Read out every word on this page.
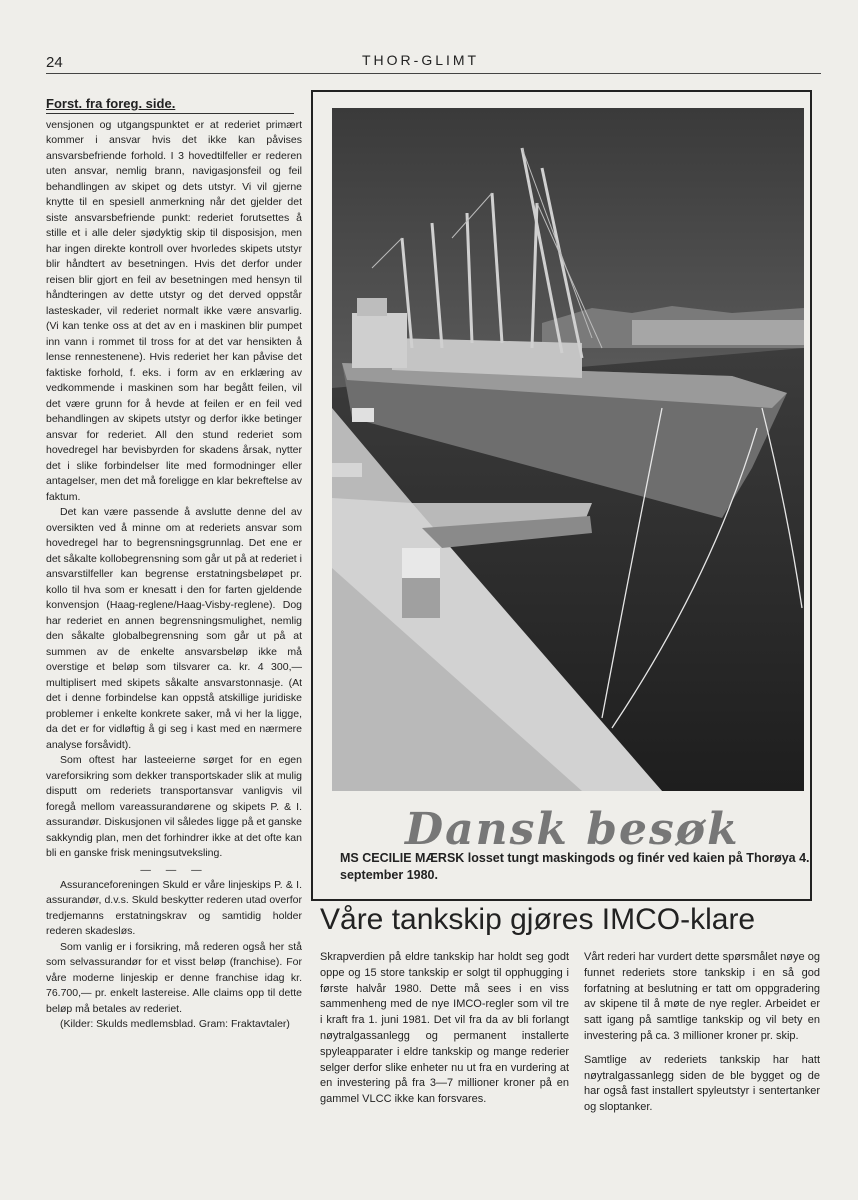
24	THOR-GLIMT
Forst. fra foreg. side.

vensjonen og utgangspunktet er at rederiet primært kommer i ansvar hvis det ikke kan påvises ansvarsbefriende forhold. I 3 hovedtilfeller er rederen uten ansvar, nemlig brann, navigasjonsfeil og feil behandlingen av skipet og dets utstyr. Vi vil gjerne knytte til en spesiell anmerkning når det gjelder det siste ansvarsbefriende punkt: rederiet forutsettes å stille et i alle deler sjødyktig skip til disposisjon, men har ingen direkte kontroll over hvorledes skipets utstyr blir håndtert av besetningen. Hvis det derfor under reisen blir gjort en feil av besetningen med hensyn til håndteringen av dette utstyr og det derved oppstår lasteskader, vil rederiet normalt ikke være ansvarlig. (Vi kan tenke oss at det av en i maskinen blir pumpet inn vann i rommet til tross for at det var hensikten å lense rennestenene). Hvis rederiet her kan påvise det faktiske forhold, f. eks. i form av en erklæring av vedkommende i maskinen som har begått feilen, vil det være grunn for å hevde at feilen er en feil ved behandlingen av skipets utstyr og derfor ikke betinger ansvar for rederiet. All den stund rederiet som hovedregel har bevisbyrden for skadens årsak, nytter det i slike forbindelser lite med formodninger eller antagelser, men det må foreligge en klar bekreftelse av faktum.

Det kan være passende å avslutte denne del av oversikten ved å minne om at rederiets ansvar som hovedregel har to begrensningsgrunnlag. Det ene er det såkalte kollobegrensning som går ut på at rederiet i ansvarstilfeller kan begrense erstatningsbeløpet pr. kollo til hva som er knesatt i den for farten gjeldende konvensjon (Haag-reglene/Haag-Visby-reglene). Dog har rederiet en annen begrensningsmulighet, nemlig den såkalte globalbegrensning som går ut på at summen av de enkelte ansvarsbeløp ikke må overstige et beløp som tilsvarer ca. kr. 4 300,— multiplisert med skipets såkalte ansvarstonnasje. (At det i denne forbindelse kan oppstå atskillige juridiske problemer i enkelte konkrete saker, må vi her la ligge, da det er for vidløftig å gi seg i kast med en nærmere analyse forsåvidt).

Som oftest har lasteeierne sørget for en egen vareforsikring som dekker transportskader slik at mulig disputt om rederiets transportansvar vanligvis vil foregå mellom vareassurandørene og skipets P. & I. assurandør. Diskusjonen vil således ligge på et ganske sakkyndig plan, men det forhindrer ikke at det ofte kan bli en ganske frisk meningsutveksling.

— — —

Assuranceforeningen Skuld er våre linjeskips P. & I. assurandør, d.v.s. Skuld beskytter rederen utad overfor tredjemanns erstatningskrav og samtidig holder rederen skadesløs.

Som vanlig er i forsikring, må rederen også her stå som selvassurandør for et visst beløp (franchise). For våre moderne linjeskip er denne franchise idag kr. 76.700,— pr. enkelt lastereise. Alle claims opp til dette beløp må betales av rederiet.

(Kilder: Skulds medlemsblad. Gram: Fraktavtaler)

Dansk besøk
MS CECILIE MÆRSK losset tungt maskingods og finér ved kaien på Thorøya 4. september 1980.
Våre tankskip gjøres IMCO-klare

Skrapverdien på eldre tankskip har holdt seg godt oppe og 15 store tankskip er solgt til opphugging i første halvår 1980. Dette må sees i en viss sammenheng med de nye IMCO-regler som vil tre i kraft fra 1. juni 1981. Det vil fra da av bli forlangt nøytralgassanlegg og permanent installerte spyleapparater i eldre tankskip og mange rederier selger derfor slike enheter nu ut fra en vurdering at en investering på fra 3—7 millioner kroner på en gammel VLCC ikke kan forsvares.

Vårt rederi har vurdert dette spørsmålet nøye og funnet rederiets store tankskip i en så god forfatning at beslutning er tatt om oppgradering av skipene til å møte de nye regler. Arbeidet er satt igang på samtlige tankskip og vil bety en investering på ca. 3 millioner kroner pr. skip.

Samtlige av rederiets tankskip har hatt nøytralgassanlegg siden de ble bygget og de har også fast installert spyleutstyr i sentertanker og sloptanker.
